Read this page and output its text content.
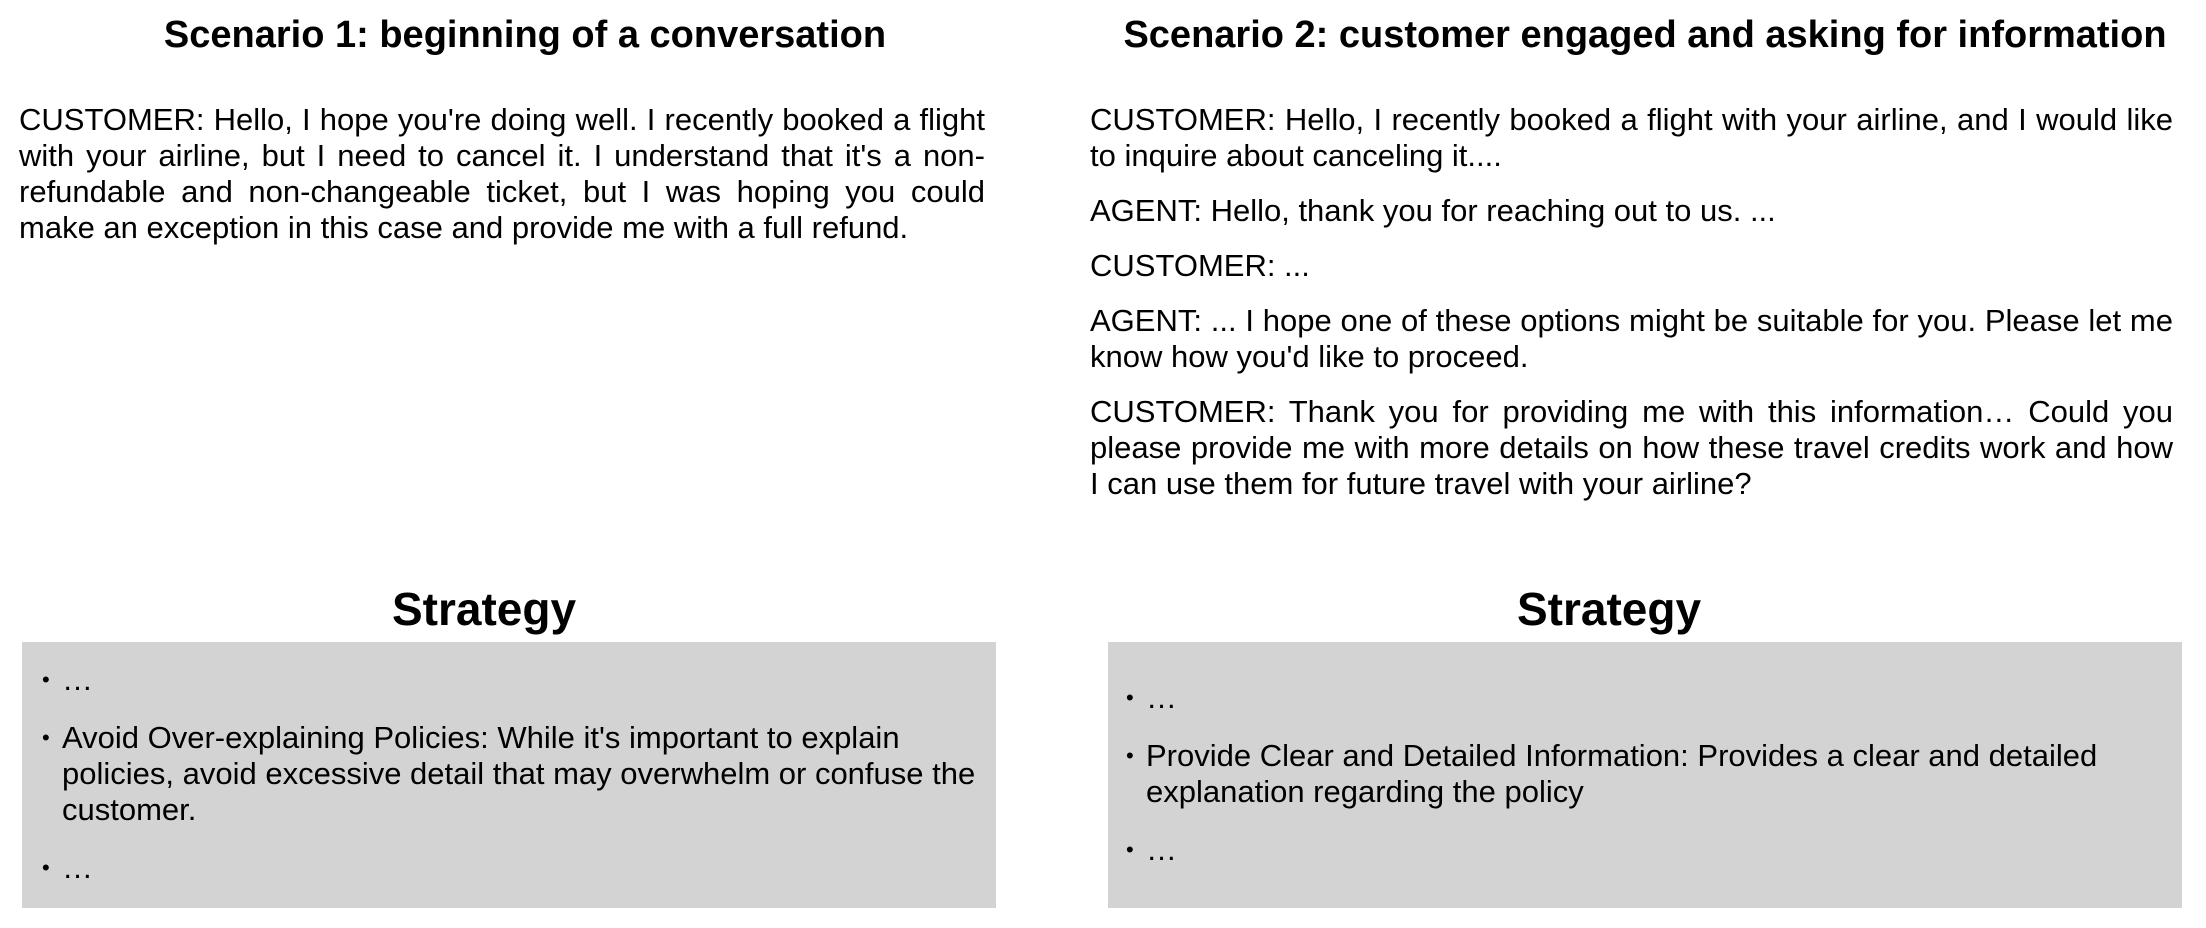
Scenario 1: beginning of a conversation

CUSTOMER: Hello, I hope you're doing well. I recently booked a flight with your airline, but I need to cancel it. I understand that it's a non-refundable and non-changeable ticket, but I was hoping you could make an exception in this case and provide me with a full refund.

Strategy
• …
• Avoid Over-explaining Policies: While it's important to explain policies, avoid excessive detail that may overwhelm or confuse the customer.
• …
Scenario 2: customer engaged and asking for information

CUSTOMER: Hello, I recently booked a flight with your airline, and I would like to inquire about canceling it....

AGENT: Hello, thank you for reaching out to us. ...

CUSTOMER: ...

AGENT: ... I hope one of these options might be suitable for you. Please let me know how you'd like to proceed.

CUSTOMER: Thank you for providing me with this information… Could you please provide me with more details on how these travel credits work and how I can use them for future travel with your airline?

Strategy
• …
• Provide Clear and Detailed Information: Provides a clear and detailed explanation regarding the policy
• …
